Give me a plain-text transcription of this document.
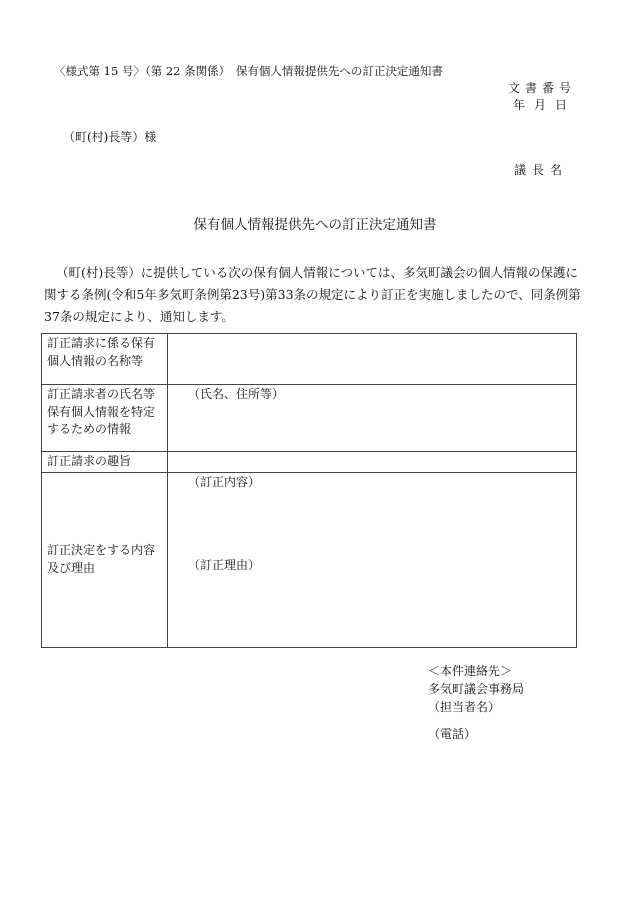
〈様式第 15 号〉（第 22 条関係）　保有個人情報提供先への訂正決定通知書
文書番号
年月日
（町(村)長等）様
議長名
保有個人情報提供先への訂正決定通知書
（町(村)長等）に提供している次の保有個人情報については、多気町議会の個人情報の保護に関する条例(令和5年多気町条例第23号)第33条の規定により訂正を実施しましたので、同条例第37条の規定により、通知します。
訂正請求に係る保有個人情報の名称等	
訂正請求者の氏名等保有個人情報を特定するための情報	（氏名、住所等）
訂正請求の趣旨	
訂正決定をする内容及び理由	（訂正内容）
（訂正理由）
＜本件連絡先＞
多気町議会事務局
（担当者名）
（電話）
